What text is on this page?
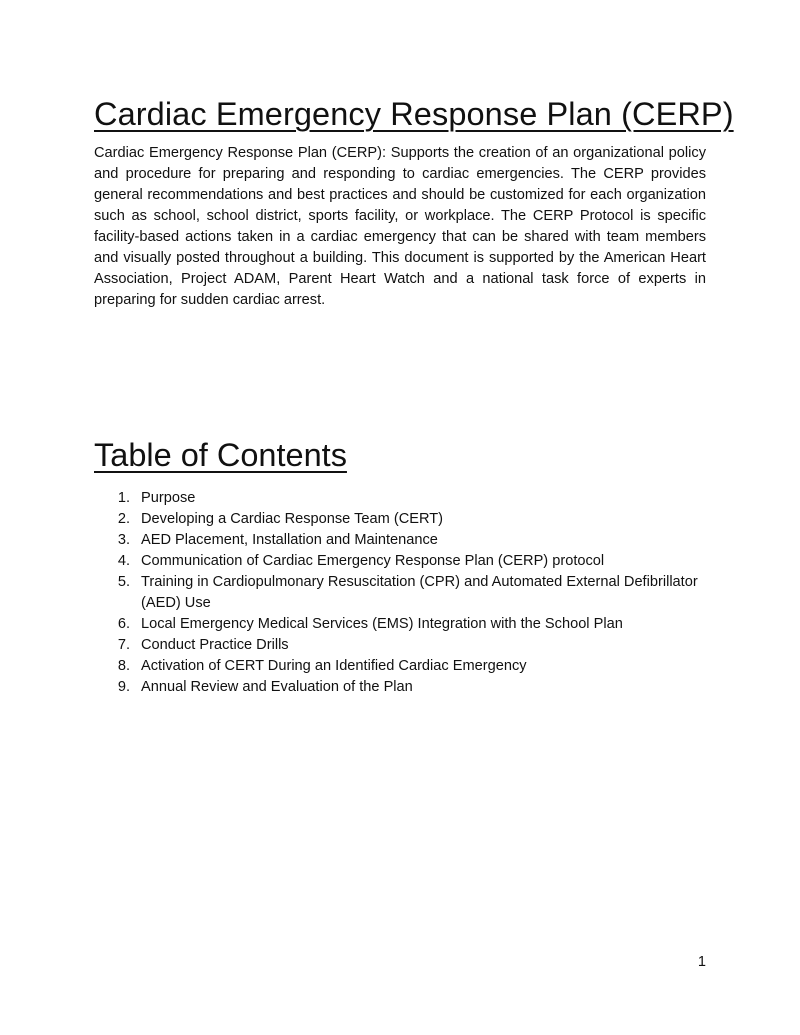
Cardiac Emergency Response Plan (CERP)

Cardiac Emergency Response Plan (CERP): Supports the creation of an organizational policy and procedure for preparing and responding to cardiac emergencies. The CERP provides general recommendations and best practices and should be customized for each organization such as school, school district, sports facility, or workplace. The CERP Protocol is specific facility-based actions taken in a cardiac emergency that can be shared with team members and visually posted throughout a building. This document is supported by the American Heart Association, Project ADAM, Parent Heart Watch and a national task force of experts in preparing for sudden cardiac arrest.

Table of Contents
1. Purpose
2. Developing a Cardiac Response Team (CERT)
3. AED Placement, Installation and Maintenance
4. Communication of Cardiac Emergency Response Plan (CERP) protocol
5. Training in Cardiopulmonary Resuscitation (CPR) and Automated External Defibrillator (AED) Use
6. Local Emergency Medical Services (EMS) Integration with the School Plan
7. Conduct Practice Drills
8. Activation of CERT During an Identified Cardiac Emergency
9. Annual Review and Evaluation of the Plan
1
